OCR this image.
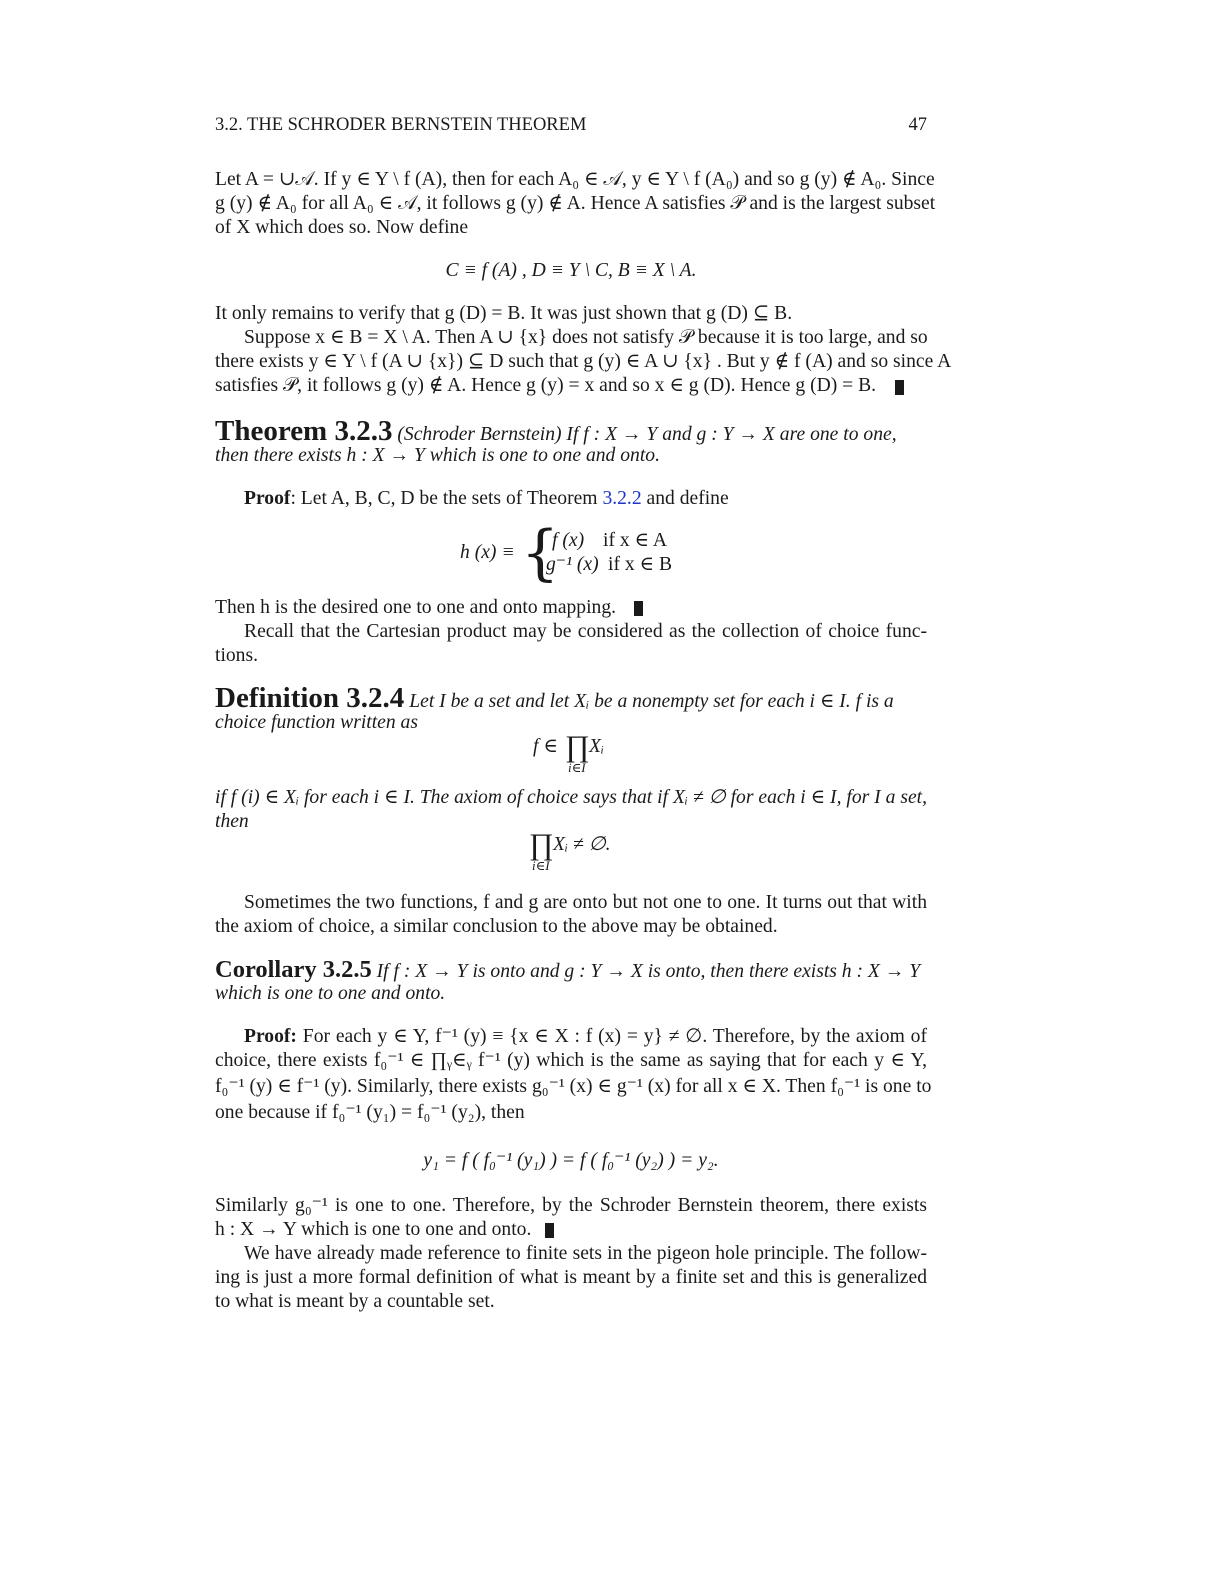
3.2. THE SCHRODER BERNSTEIN THEOREM	47
Let A = ∪𝒜. If y ∈ Y \ f (A), then for each A₀ ∈ 𝒜, y ∈ Y \ f (A₀) and so g (y) ∉ A₀. Since
g (y) ∉ A₀ for all A₀ ∈ 𝒜, it follows g (y) ∉ A. Hence A satisfies 𝒫 and is the largest subset
of X which does so. Now define
C ≡ f (A) , D ≡ Y \ C, B ≡ X \ A.
It only remains to verify that g (D) = B. It was just shown that g (D) ⊆ B.
Suppose x ∈ B = X \ A. Then A ∪ {x} does not satisfy 𝒫 because it is too large, and so
there exists y ∈ Y \ f (A ∪ {x}) ⊆ D such that g (y) ∈ A ∪ {x} . But y ∉ f (A) and so since A
satisfies 𝒫, it follows g (y) ∉ A. Hence g (y) = x and so x ∈ g (D). Hence g (D) = B.
Theorem 3.2.3 (Schroder Bernstein) If f : X → Y and g : Y → X are one to one,
then there exists h : X → Y which is one to one and onto.
Proof: Let A, B, C, D be the sets of Theorem 3.2.2 and define
h (x) ≡ {
f (x) if x ∈ A
g⁻¹ (x) if x ∈ B
Then h is the desired one to one and onto mapping.
Recall that the Cartesian product may be considered as the collection of choice func-
tions.
Definition 3.2.4 Let I be a set and let Xᵢ be a nonempty set for each i ∈ I. f is a
choice function written as
f ∈ ∏ Xᵢ
i∈I
if f (i) ∈ Xᵢ for each i ∈ I. The axiom of choice says that if Xᵢ ≠ ∅ for each i ∈ I, for I a set,
then
∏ Xᵢ ≠ ∅.
i∈I
Sometimes the two functions, f and g are onto but not one to one. It turns out that with
the axiom of choice, a similar conclusion to the above may be obtained.
Corollary 3.2.5 If f : X → Y is onto and g : Y → X is onto, then there exists h : X → Y
which is one to one and onto.
Proof: For each y ∈ Y, f⁻¹ (y) ≡ {x ∈ X : f (x) = y} ≠ ∅. Therefore, by the axiom of
choice, there exists f₀⁻¹ ∈ ∏ᵧ∈ᵧ f⁻¹ (y) which is the same as saying that for each y ∈ Y,
f₀⁻¹ (y) ∈ f⁻¹ (y). Similarly, there exists g₀⁻¹ (x) ∈ g⁻¹ (x) for all x ∈ X. Then f₀⁻¹ is one to
one because if f₀⁻¹ (y₁) = f₀⁻¹ (y₂), then
y₁ = f ( f₀⁻¹ (y₁) ) = f ( f₀⁻¹ (y₂) ) = y₂.
Similarly g₀⁻¹ is one to one. Therefore, by the Schroder Bernstein theorem, there exists
h : X → Y which is one to one and onto.
We have already made reference to finite sets in the pigeon hole principle. The follow-
ing is just a more formal definition of what is meant by a finite set and this is generalized
to what is meant by a countable set.
